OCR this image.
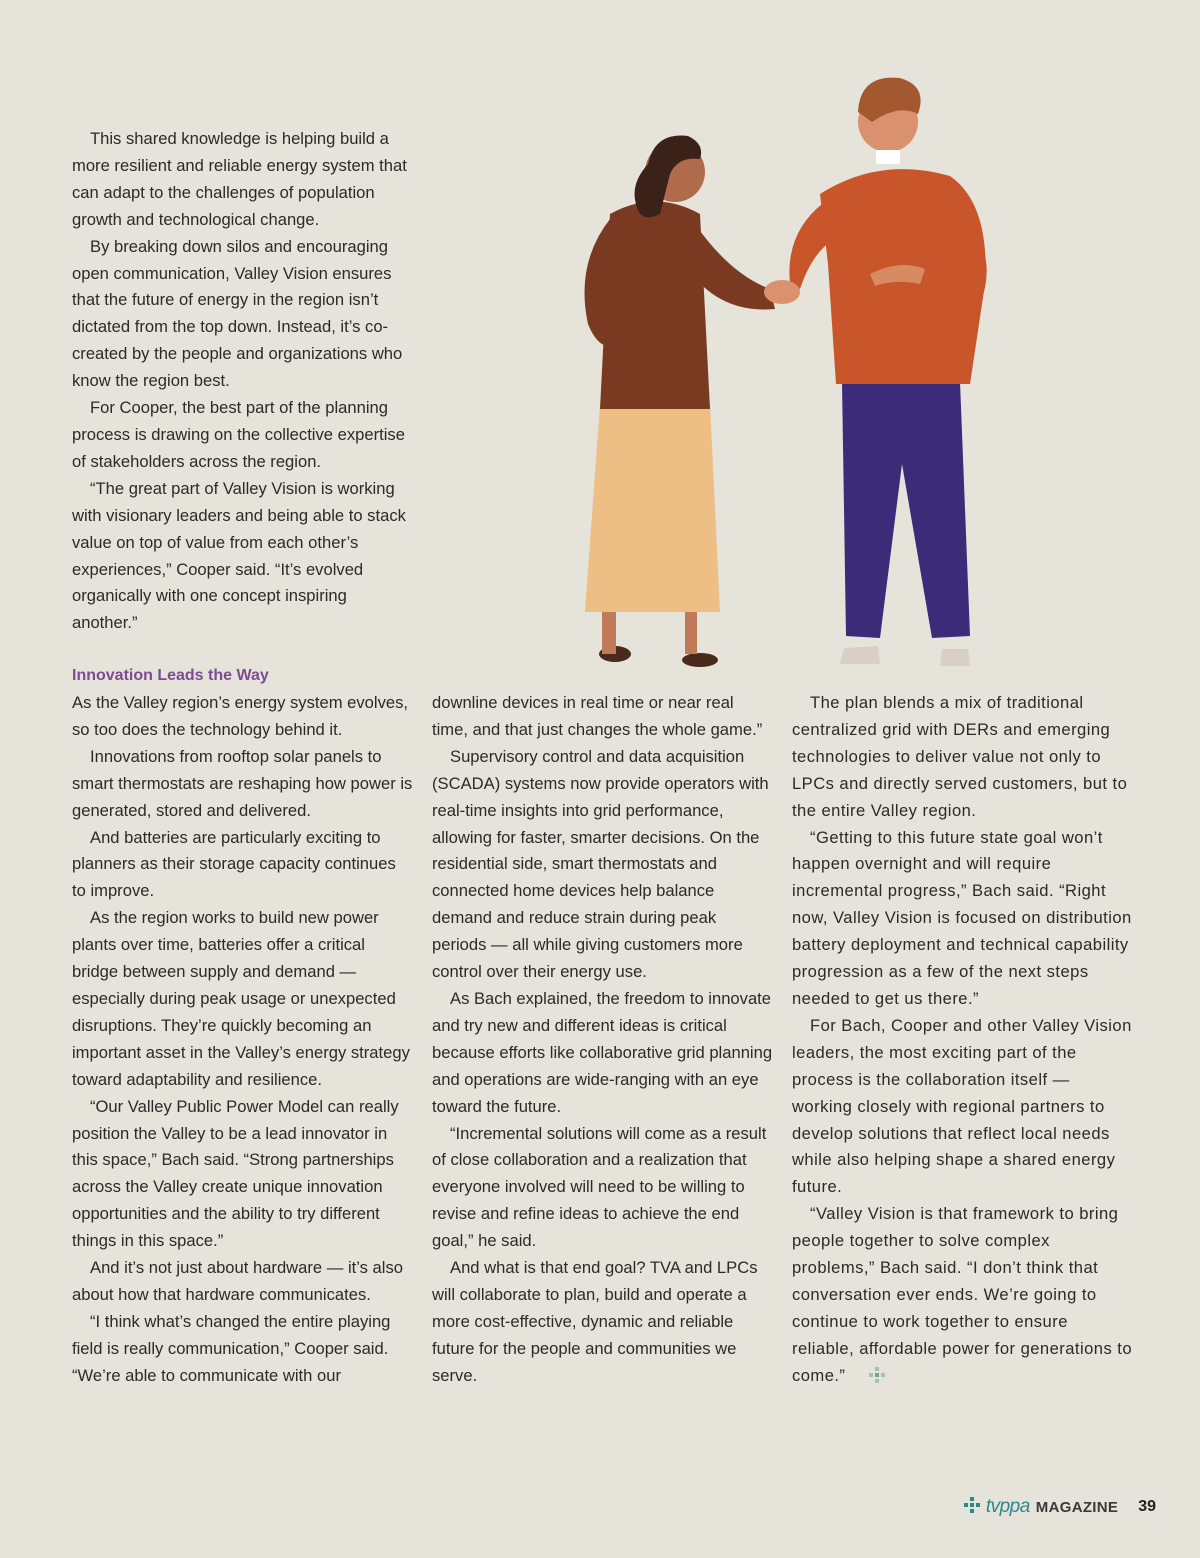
This shared knowledge is helping build a more resilient and reliable energy system that can adapt to the challenges of population growth and technological change.

By breaking down silos and encouraging open communication, Valley Vision ensures that the future of energy in the region isn’t dictated from the top down. Instead, it’s co-created by the people and organizations who know the region best.

For Cooper, the best part of the planning process is drawing on the collective expertise of stakeholders across the region.

“The great part of Valley Vision is working with visionary leaders and being able to stack value on top of value from each other’s experiences,” Cooper said. “It’s evolved organically with one concept inspiring another.”

Innovation Leads the Way

As the Valley region’s energy system evolves, so too does the technology behind it.

Innovations from rooftop solar panels to smart thermostats are reshaping how power is generated, stored and delivered.

And batteries are particularly exciting to planners as their storage capacity continues to improve.

As the region works to build new power plants over time, batteries offer a critical bridge between supply and demand — especially during peak usage or unexpected disruptions. They’re quickly becoming an important asset in the Valley’s energy strategy toward adaptability and resilience.

“Our Valley Public Power Model can really position the Valley to be a lead innovator in this space,” Bach said. “Strong partnerships across the Valley create unique innovation opportunities and the ability to try different things in this space.”

And it’s not just about hardware — it’s also about how that hardware communicates.

“I think what’s changed the entire playing field is really communication,” Cooper said. “We’re able to communicate with our

downline devices in real time or near real time, and that just changes the whole game.”

Supervisory control and data acquisition (SCADA) systems now provide operators with real-time insights into grid performance, allowing for faster, smarter decisions. On the residential side, smart thermostats and connected home devices help balance demand and reduce strain during peak periods — all while giving customers more control over their energy use.

As Bach explained, the freedom to innovate and try new and different ideas is critical because efforts like collaborative grid planning and operations are wide-ranging with an eye toward the future.

“Incremental solutions will come as a result of close collaboration and a realization that everyone involved will need to be willing to revise and refine ideas to achieve the end goal,” he said.

And what is that end goal? TVA and LPCs will collaborate to plan, build and operate a more cost-effective, dynamic and reliable future for the people and communities we serve.

The plan blends a mix of traditional centralized grid with DERs and emerging technologies to deliver value not only to LPCs and directly served customers, but to the entire Valley region.

“Getting to this future state goal won’t happen overnight and will require incremental progress,” Bach said. “Right now, Valley Vision is focused on distribution battery deployment and technical capability progression as a few of the next steps needed to get us there.”

For Bach, Cooper and other Valley Vision leaders, the most exciting part of the process is the collaboration itself — working closely with regional partners to develop solutions that reflect local needs while also helping shape a shared energy future.

“Valley Vision is that framework to bring people together to solve complex problems,” Bach said. “I don’t think that conversation ever ends. We’re going to continue to work together to ensure reliable, affordable power for generations to come.”

tvppa MAGAZINE 39
